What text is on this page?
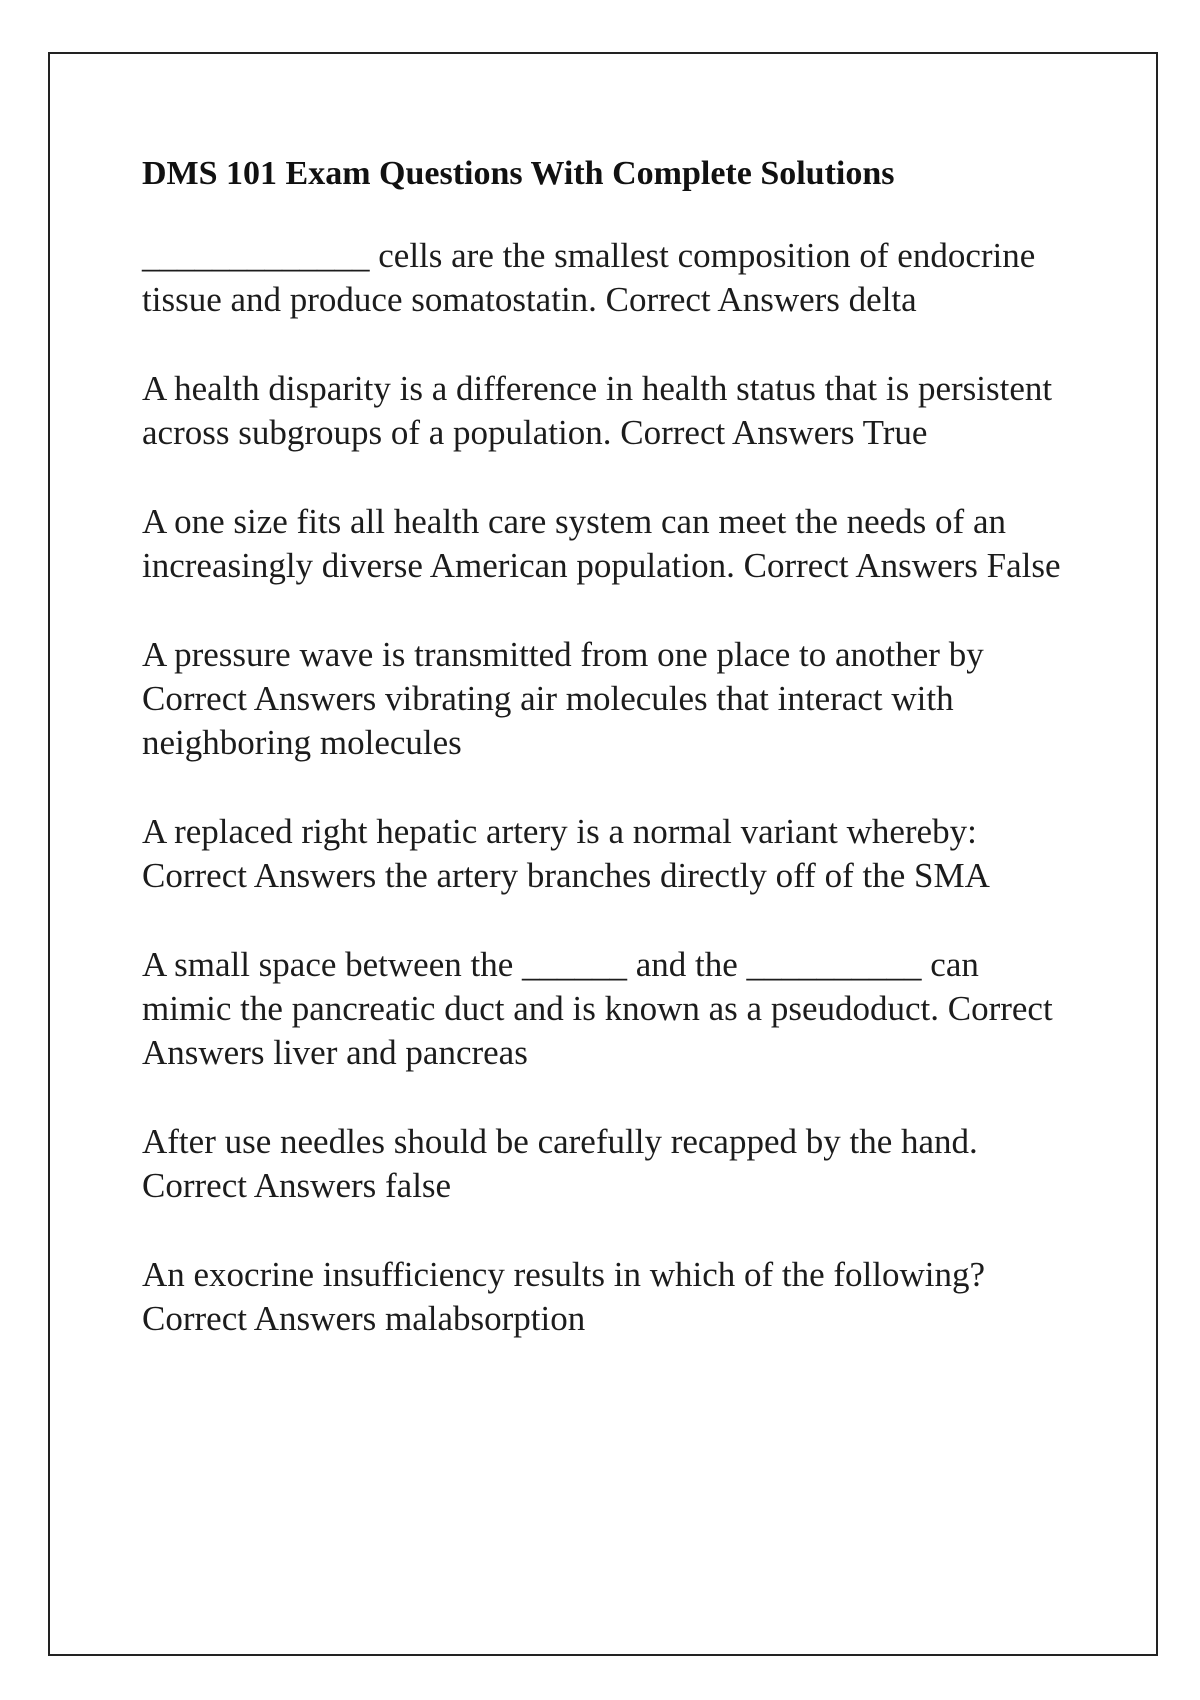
DMS 101 Exam Questions With Complete Solutions
_____________ cells are the smallest composition of endocrine tissue and produce somatostatin. Correct Answers delta
A health disparity is a difference in health status that is persistent across subgroups of a population. Correct Answers True
A one size fits all health care system can meet the needs of an increasingly diverse American population. Correct Answers False
A pressure wave is transmitted from one place to another by Correct Answers vibrating air molecules that interact with neighboring molecules
A replaced right hepatic artery is a normal variant whereby: Correct Answers the artery branches directly off of the SMA
A small space between the ______ and the __________ can mimic the pancreatic duct and is known as a pseudoduct. Correct Answers liver and pancreas
After use needles should be carefully recapped by the hand. Correct Answers false
An exocrine insufficiency results in which of the following? Correct Answers malabsorption
